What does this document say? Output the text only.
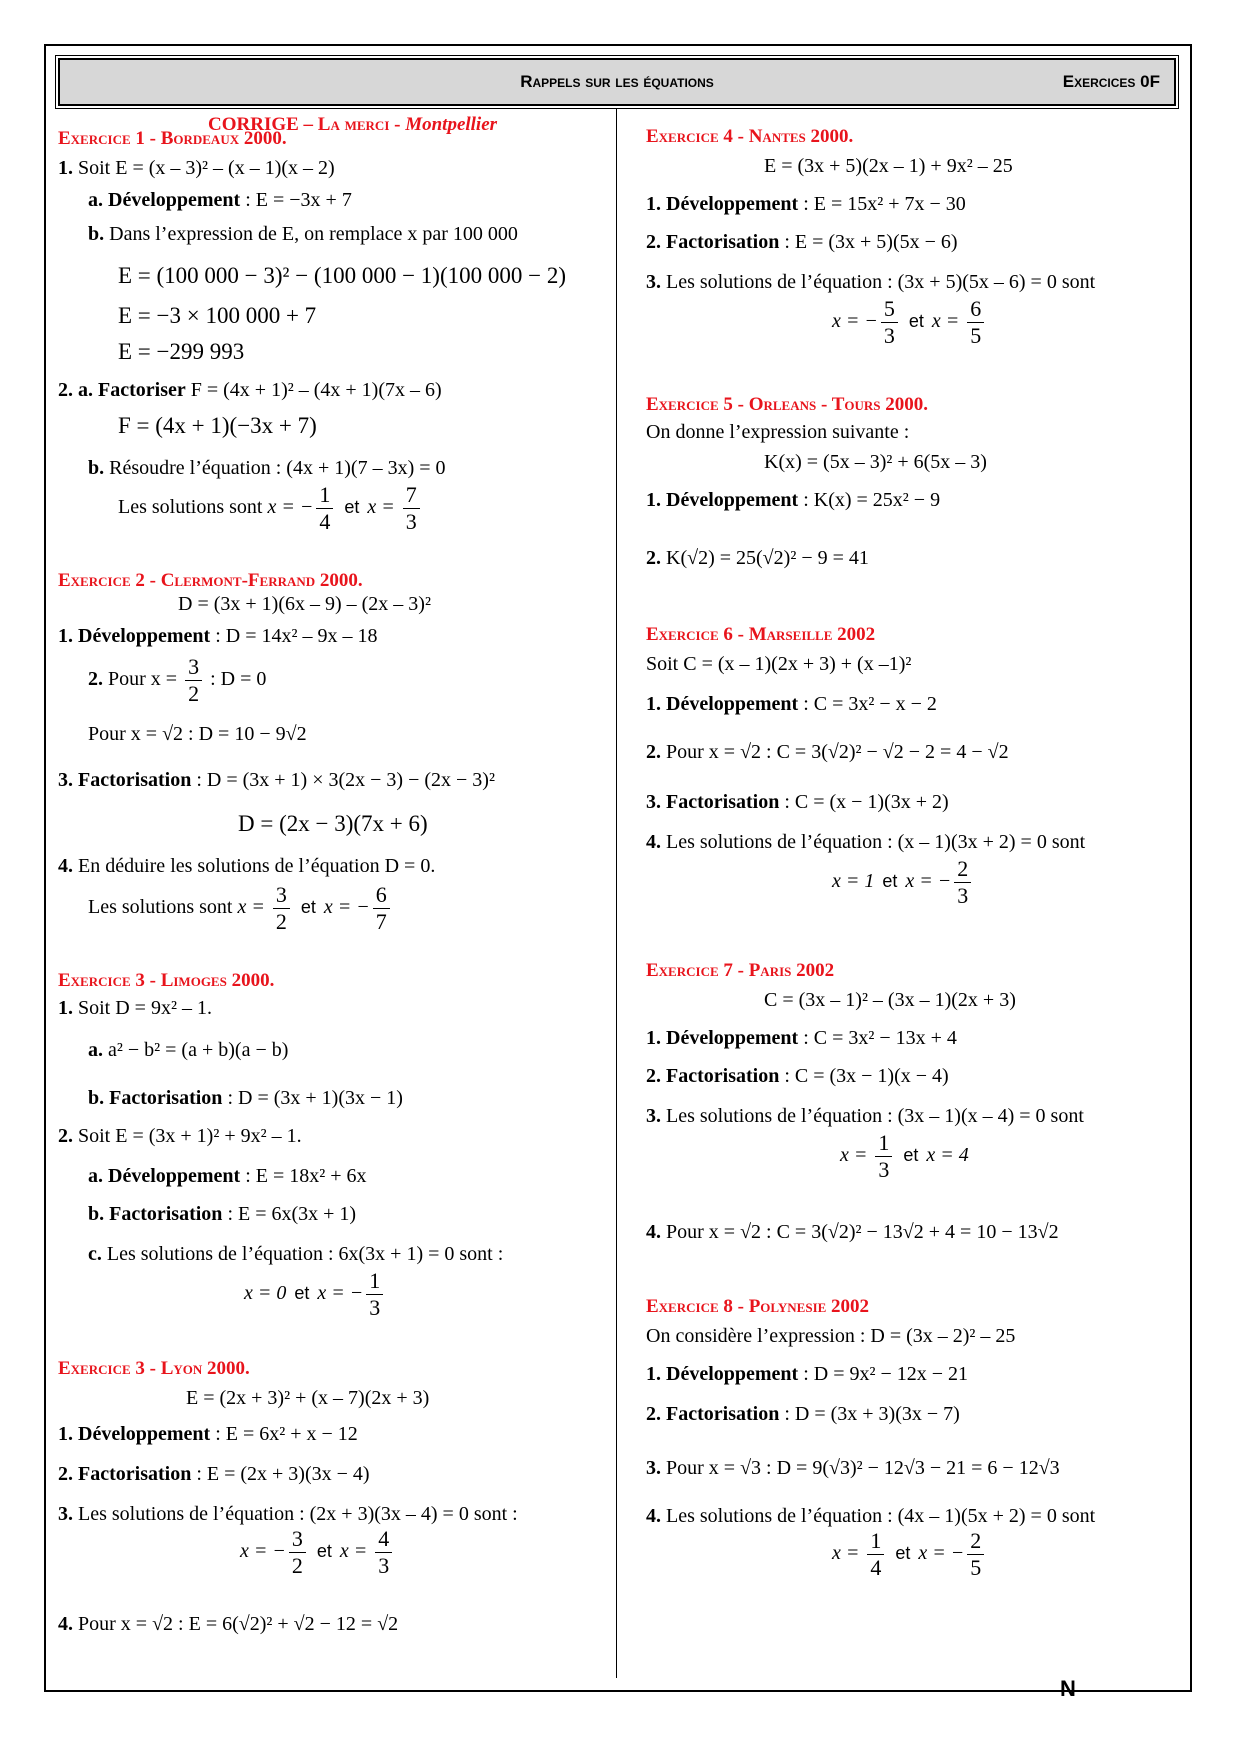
Rappels sur les équations	Exercices 0F
CORRIGE – La merci - Montpellier
Exercice 1 - Bordeaux 2000.
1. Soit E = (x – 3)² – (x – 1)(x – 2)
a. Développement : E = −3x + 7
b. Dans l’expression de E, on remplace x par 100 000
E = (100 000 − 3)² − (100 000 − 1)(100 000 − 2)
E = −3 × 100 000 + 7
E = −299 993
2. a. Factoriser F = (4x + 1)² – (4x + 1)(7x – 6)
F = (4x + 1)(−3x + 7)
b. Résoudre l’équation : (4x + 1)(7 – 3x) = 0
Les solutions sont x = − $\frac{1}{4}$ et $x = \frac{7}{3}$
Exercice 2 - Clermont-Ferrand 2000.
D = (3x + 1)(6x – 9) – (2x – 3)²
1. Développement : D = 14x² – 9x – 18
2. Pour $x = \frac{3}{2}$ : D = 0
Pour x = √2 : D = 10 − 9√2
3. Factorisation : D = (3x + 1) × 3(2x − 3) − (2x − 3)²
D = (2x − 3)(7x + 6)
4. En déduire les solutions de l’équation D = 0.
Les solutions sont $x = \frac{3}{2}$ et x = − $\frac{6}{7}$
Exercice 3 - Limoges 2000.
1. Soit D = 9x² – 1.
a. a² − b² = (a + b)(a − b)
b. Factorisation : D = (3x + 1)(3x − 1)
2. Soit E = (3x + 1)² + 9x² – 1.
a. Développement : E = 18x² + 6x
b. Factorisation : E = 6x(3x + 1)
c. Les solutions de l’équation : 6x(3x + 1) = 0 sont :
x = 0 et x = − $\frac{1}{3}$
Exercice 3 - Lyon 2000.
E = (2x + 3)² + (x – 7)(2x + 3)
1. Développement : E = 6x² + x − 12
2. Factorisation : E = (2x + 3)(3x − 4)
3. Les solutions de l’équation : (2x + 3)(3x – 4) = 0 sont :
x = − $\frac{3}{2}$ et $x = \frac{4}{3}$
4. Pour x = √2 : E = 6(√2)² + √2 − 12 = √2
Exercice 4 - Nantes 2000.
E = (3x + 5)(2x – 1) + 9x² – 25
1. Développement : E = 15x² + 7x − 30
2. Factorisation : E = (3x + 5)(5x − 6)
3. Les solutions de l’équation : (3x + 5)(5x – 6) = 0 sont
x = − $\frac{5}{3}$ et $x = \frac{6}{5}$
Exercice 5 - Orleans - Tours 2000.
On donne l’expression suivante :
K(x) = (5x – 3)² + 6(5x – 3)
1. Développement : K(x) = 25x² − 9
2. K(√2) = 25(√2)² − 9 = 41
Exercice 6 - Marseille 2002
Soit C = (x – 1)(2x + 3) + (x –1)²
1. Développement : C = 3x² − x − 2
2. Pour x = √2 : C = 3(√2)² − √2 − 2 = 4 − √2
3. Factorisation : C = (x − 1)(3x + 2)
4. Les solutions de l’équation : (x – 1)(3x + 2) = 0 sont
x = 1 et x = − $\frac{2}{3}$
Exercice 7 - Paris 2002
C = (3x – 1)² – (3x – 1)(2x + 3)
1. Développement : C = 3x² − 13x + 4
2. Factorisation : C = (3x − 1)(x − 4)
3. Les solutions de l’équation : (3x – 1)(x – 4) = 0 sont
$x = \frac{1}{3}$ et x = 4
4. Pour x = √2 : C = 3(√2)² − 13√2 + 4 = 10 − 13√2
Exercice 8 - Polynesie 2002
On considère l’expression : D = (3x – 2)² – 25
1. Développement : D = 9x² − 12x − 21
2. Factorisation : D = (3x + 3)(3x − 7)
3. Pour x = √3 : D = 9(√3)² − 12√3 − 21 = 6 − 12√3
4. Les solutions de l’équation : (4x – 1)(5x + 2) = 0 sont
$x = \frac{1}{4}$ et x = − $\frac{2}{5}$
N
